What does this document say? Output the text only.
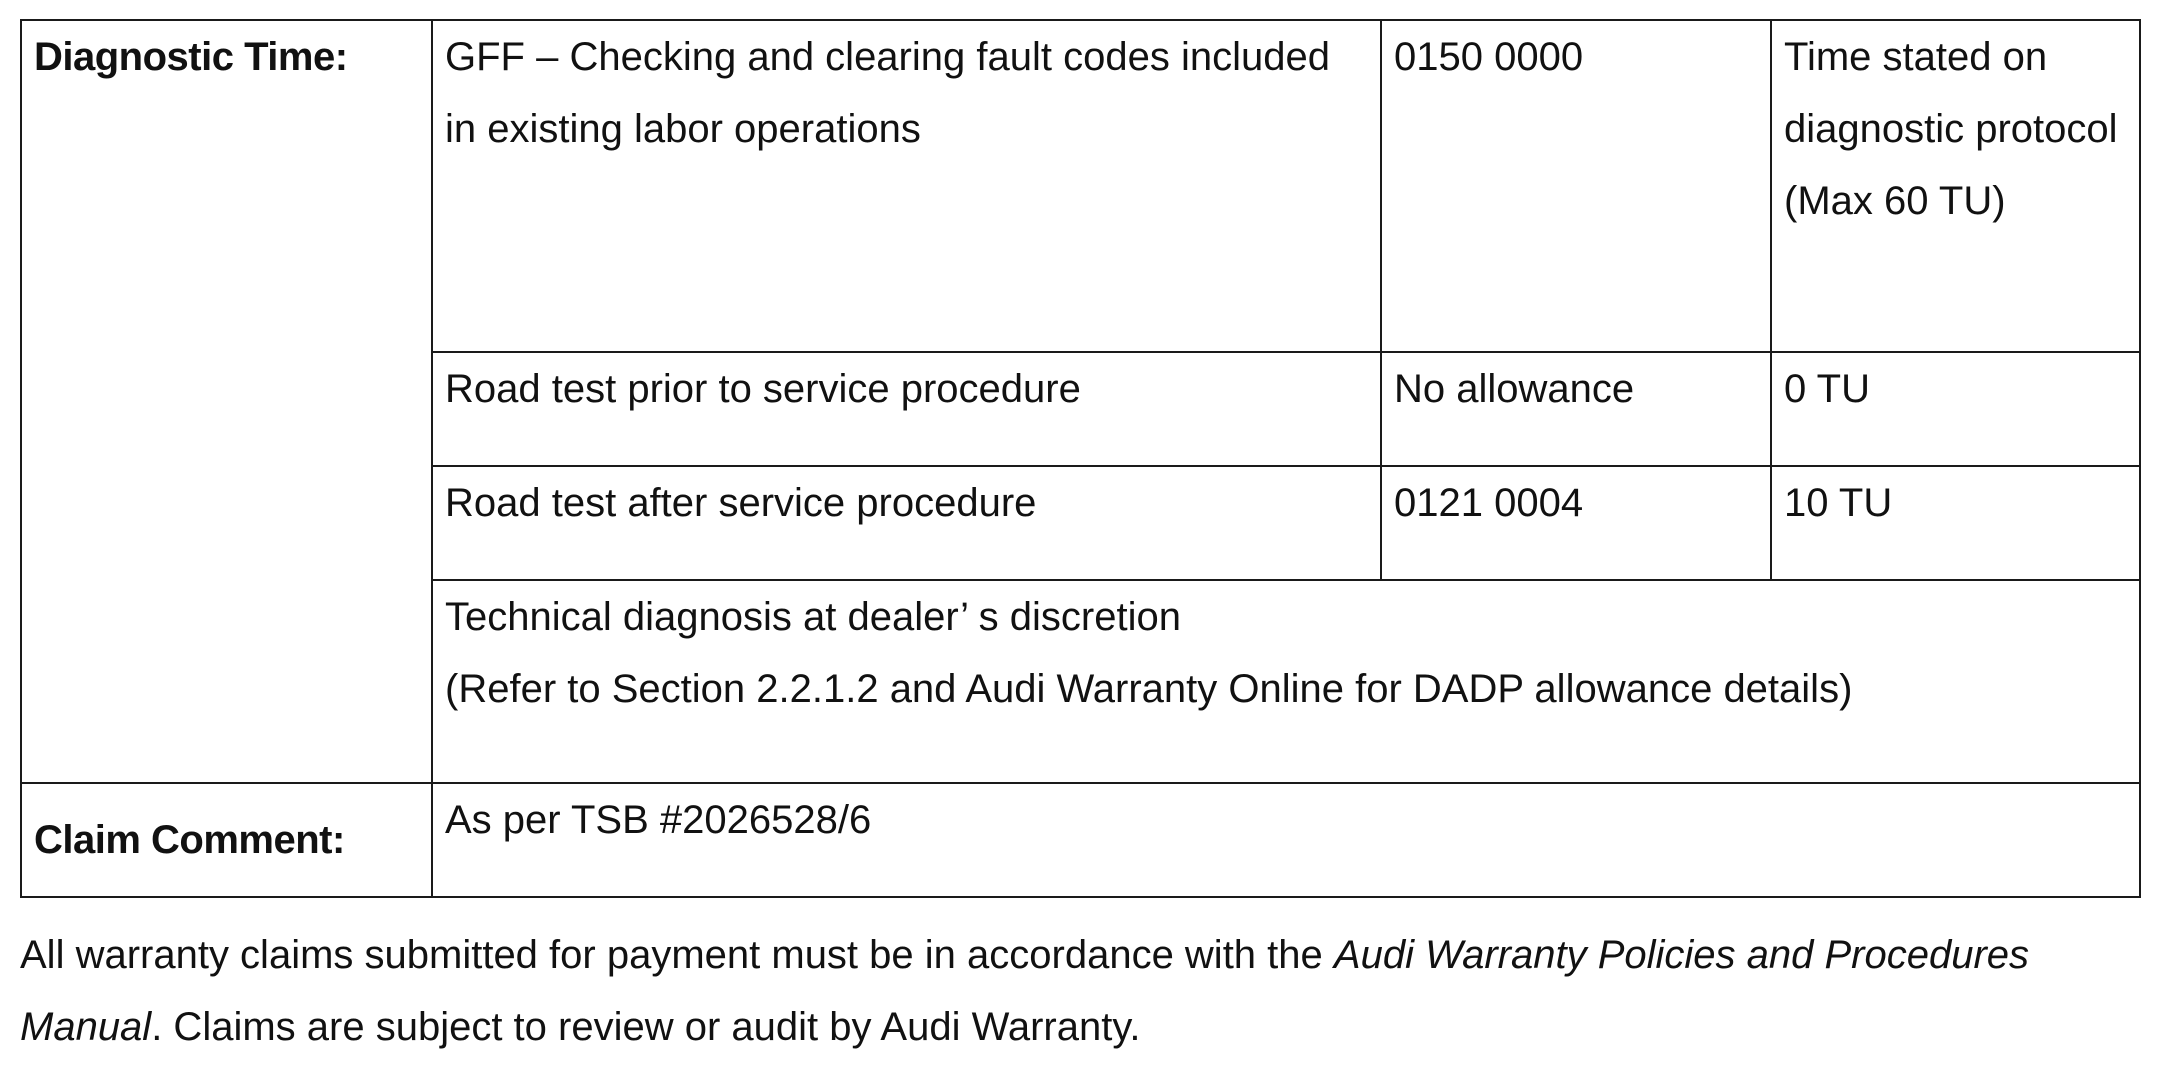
Diagnostic Time:	GFF – Checking and clearing fault codes included in existing labor operations	0150 0000	Time stated on diagnostic protocol (Max 60 TU)
	Road test prior to service procedure	No allowance	0 TU
	Road test after service procedure	0121 0004	10 TU

	Technical diagnosis at dealer’ s discretion
(Refer to Section 2.2.1.2 and Audi Warranty Online for DADP allowance details)		

Claim Comment:	As per TSB #2026528/6		

All warranty claims submitted for payment must be in accordance with the Audi Warranty Policies and Procedures Manual. Claims are subject to review or audit by Audi Warranty.
